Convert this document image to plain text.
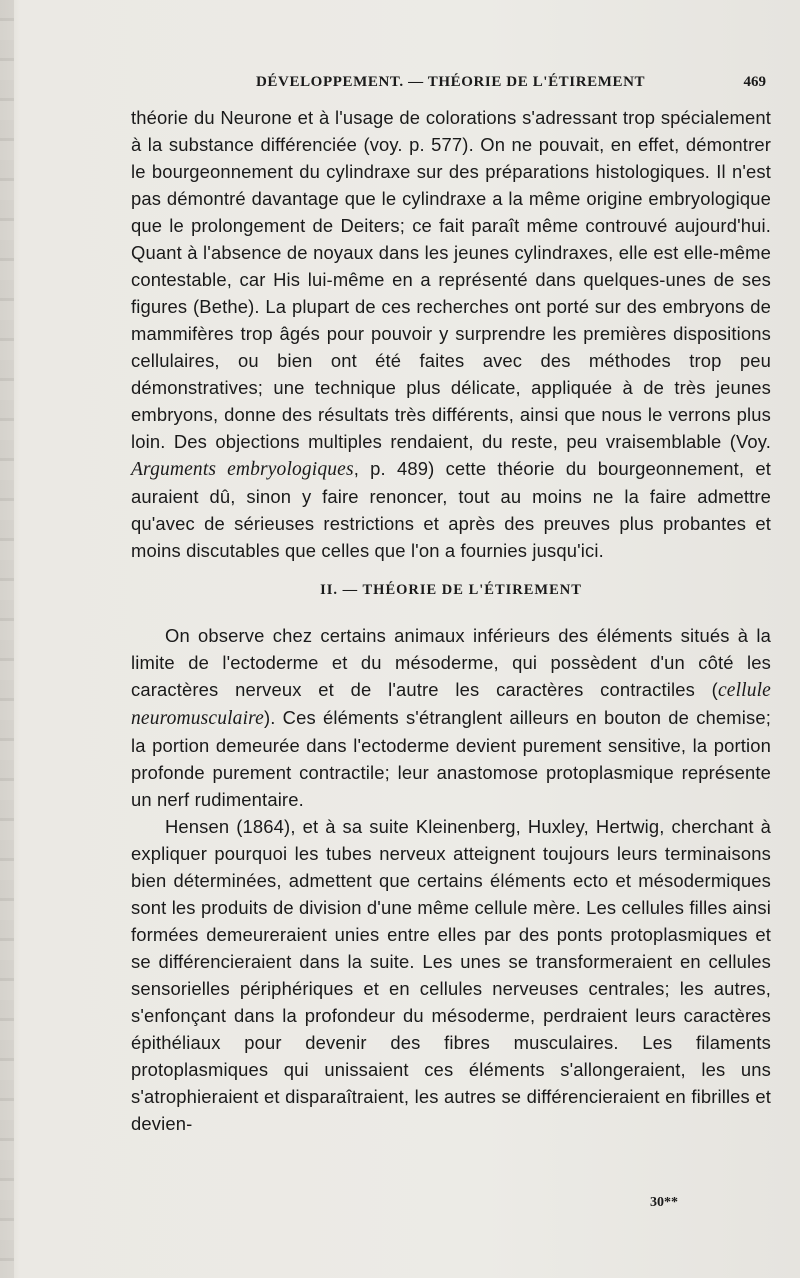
DÉVELOPPEMENT. — THÉORIE DE L'ÉTIREMENT	469

théorie du Neurone et à l'usage de colorations s'adressant trop spécialement à la substance différenciée (voy. p. 577). On ne pouvait, en effet, démontrer le bourgeonnement du cylindraxe sur des préparations histologiques. Il n'est pas démontré davantage que le cylindraxe a la même origine embryologique que le prolongement de Deiters; ce fait paraît même controuvé aujourd'hui. Quant à l'absence de noyaux dans les jeunes cylindraxes, elle est elle-même contestable, car His lui-même en a représenté dans quelques-unes de ses figures (Bethe). La plupart de ces recherches ont porté sur des embryons de mammifères trop âgés pour pouvoir y surprendre les premières dispositions cellulaires, ou bien ont été faites avec des méthodes trop peu démonstratives; une technique plus délicate, appliquée à de très jeunes embryons, donne des résultats très différents, ainsi que nous le verrons plus loin. Des objections multiples rendaient, du reste, peu vraisemblable (Voy. Arguments embryologiques, p. 489) cette théorie du bourgeonnement, et auraient dû, sinon y faire renoncer, tout au moins ne la faire admettre qu'avec de sérieuses restrictions et après des preuves plus probantes et moins discutables que celles que l'on a fournies jusqu'ici.

II. — THÉORIE DE L'ÉTIREMENT

On observe chez certains animaux inférieurs des éléments situés à la limite de l'ectoderme et du mésoderme, qui possèdent d'un côté les caractères nerveux et de l'autre les caractères contractiles (cellule neuromusculaire). Ces éléments s'étranglent ailleurs en bouton de chemise; la portion demeurée dans l'ectoderme devient purement sensitive, la portion profonde purement contractile; leur anastomose protoplasmique représente un nerf rudimentaire.

Hensen (1864), et à sa suite Kleinenberg, Huxley, Hertwig, cherchant à expliquer pourquoi les tubes nerveux atteignent toujours leurs terminaisons bien déterminées, admettent que certains éléments ecto et mésodermiques sont les produits de division d'une même cellule mère. Les cellules filles ainsi formées demeureraient unies entre elles par des ponts protoplasmiques et se différencieraient dans la suite. Les unes se transformeraient en cellules sensorielles périphériques et en cellules nerveuses centrales; les autres, s'enfonçant dans la profondeur du mésoderme, perdraient leurs caractères épithéliaux pour devenir des fibres musculaires. Les filaments protoplasmiques qui unissaient ces éléments s'allongeraient, les uns s'atrophieraient et disparaîtraient, les autres se différencieraient en fibrilles et devien-

30**
